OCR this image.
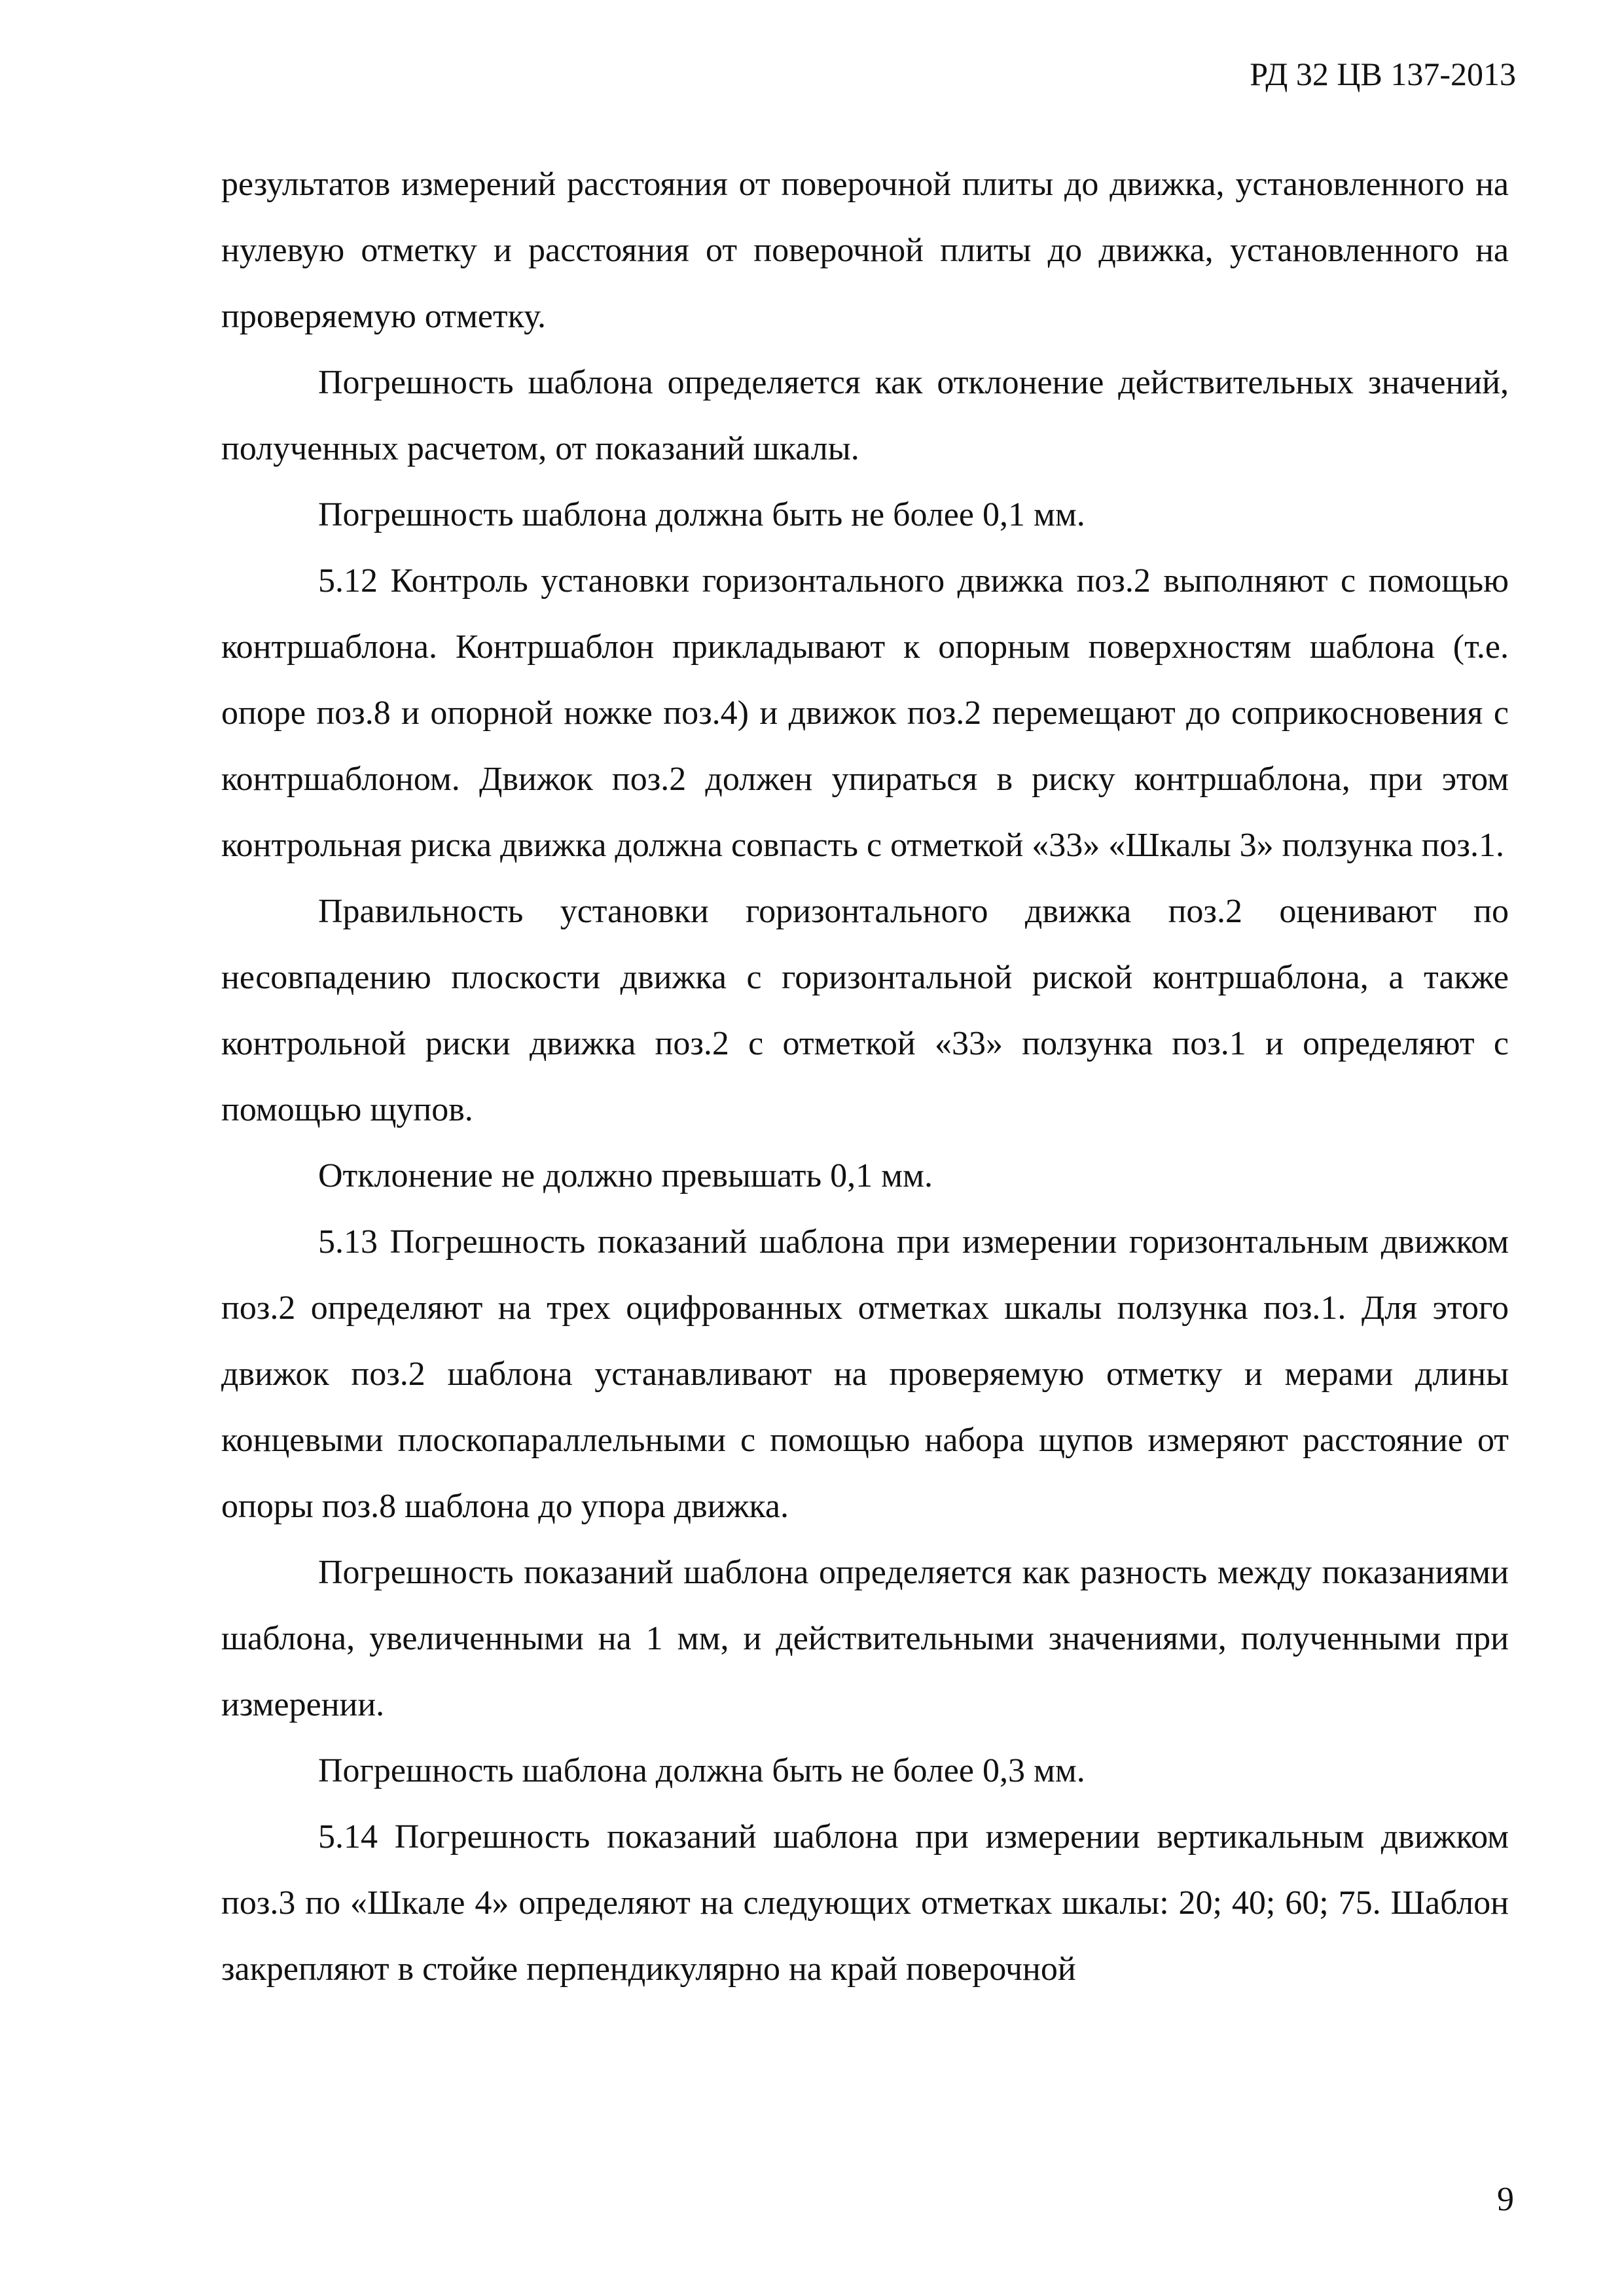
РД 32 ЦВ 137-2013

результатов измерений расстояния от поверочной плиты до движка, установленного на нулевую отметку и расстояния от поверочной плиты до движка, установленного на проверяемую отметку.

Погрешность шаблона определяется как отклонение действительных значений, полученных расчетом, от показаний шкалы.

Погрешность шаблона должна быть не более 0,1 мм.

5.12 Контроль установки горизонтального движка поз.2 выполняют с помощью контршаблона. Контршаблон прикладывают к опорным поверхностям шаблона (т.е. опоре поз.8 и опорной ножке поз.4) и движок поз.2 перемещают до соприкосновения с контршаблоном. Движок поз.2 должен упираться в риску контршаблона, при этом контрольная риска движка должна совпасть с отметкой «33» «Шкалы 3» ползунка поз.1.

Правильность установки горизонтального движка поз.2 оценивают по несовпадению плоскости движка с горизонтальной риской контршаблона, а также контрольной риски движка поз.2 с отметкой «33» ползунка поз.1 и определяют с помощью щупов.

Отклонение не должно превышать 0,1 мм.

5.13 Погрешность показаний шаблона при измерении горизонтальным движком поз.2 определяют на трех оцифрованных отметках шкалы ползунка поз.1. Для этого движок поз.2 шаблона устанавливают на проверяемую отметку и мерами длины концевыми плоскопараллельными с помощью набора щупов измеряют расстояние от опоры поз.8 шаблона до упора движка.

Погрешность показаний шаблона определяется как разность между показаниями шаблона, увеличенными на 1 мм, и действительными значениями, полученными при измерении.

Погрешность шаблона должна быть не более 0,3 мм.

5.14 Погрешность показаний шаблона при измерении вертикальным движком поз.3 по «Шкале 4» определяют на следующих отметках шкалы: 20; 40; 60; 75. Шаблон закрепляют в стойке перпендикулярно на край поверочной

9
